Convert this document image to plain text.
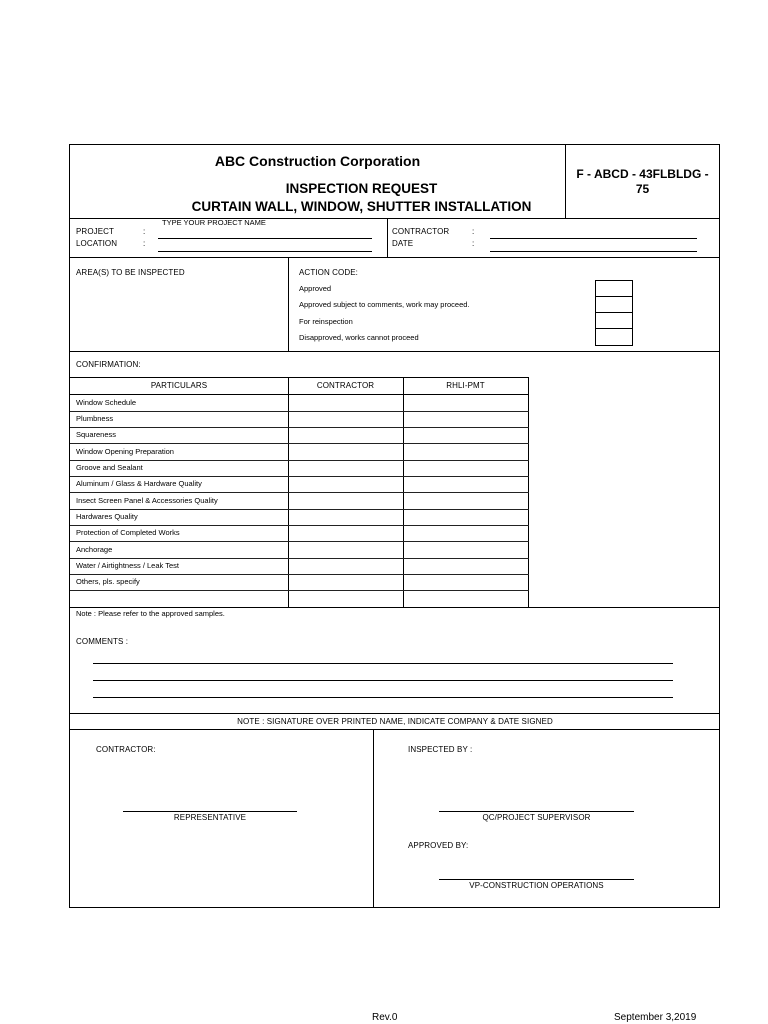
ABC Construction Corporation
INSPECTION REQUEST
CURTAIN WALL, WINDOW, SHUTTER INSTALLATION
F - ABCD - 43FLBLDG -
75
TYPE YOUR PROJECT NAME
PROJECT	:
LOCATION	:
CONTRACTOR	:
DATE	:
AREA(S) TO BE INSPECTED	ACTION CODE:
Approved
Approved subject to comments, work may proceed.
For reinspection
Disapproved, works cannot proceed
CONFIRMATION:
PARTICULARS	CONTRACTOR	RHLI-PMT
Window Schedule
Plumbness
Squareness
Window Opening Preparation
Groove and Sealant
Aluminum / Glass & Hardware Quality
Insect Screen Panel & Accessories Quality
Hardwares Quality
Protection of Completed Works
Anchorage
Water / Airtightness / Leak Test
Others, pls. specify
Note : Please refer to the approved samples.
COMMENTS :
NOTE : SIGNATURE OVER PRINTED NAME, INDICATE COMPANY & DATE SIGNED
CONTRACTOR:
REPRESENTATIVE
INSPECTED BY :
QC/PROJECT SUPERVISOR
APPROVED BY:
VP-CONSTRUCTION OPERATIONS
Rev.0	September 3,2019
